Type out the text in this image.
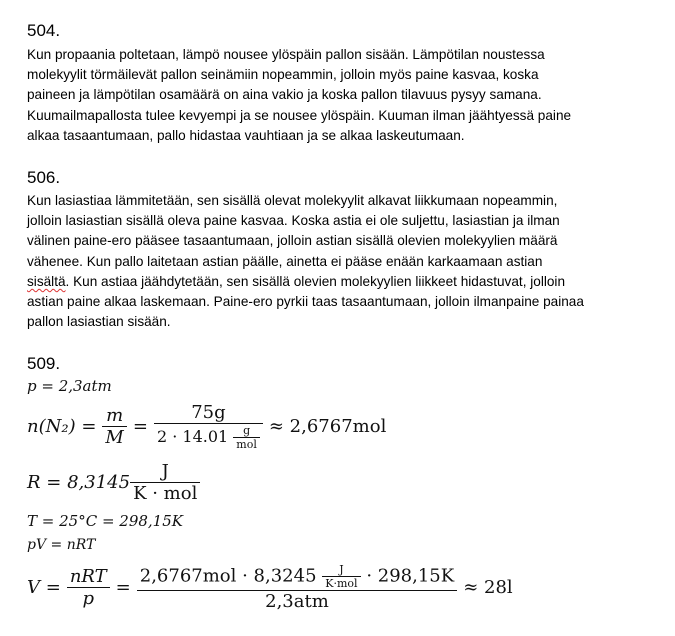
504.
Kun propaania poltetaan, lämpö nousee ylöspäin pallon sisään. Lämpötilan noustessa
molekyylit törmäilevät pallon seinämiin nopeammin, jolloin myös paine kasvaa, koska
paineen ja lämpötilan osamäärä on aina vakio ja koska pallon tilavuus pysyy samana.
Kuumailmapallosta tulee kevyempi ja se nousee ylöspäin. Kuuman ilman jäähtyessä paine
alkaa tasaantumaan, pallo hidastaa vauhtiaan ja se alkaa laskeutumaan.
506.
Kun lasiastiaa lämmitetään, sen sisällä olevat molekyylit alkavat liikkumaan nopeammin,
jolloin lasiastian sisällä oleva paine kasvaa. Koska astia ei ole suljettu, lasiastian ja ilman
välinen paine-ero pääsee tasaantumaan, jolloin astian sisällä olevien molekyylien määrä
vähenee. Kun pallo laitetaan astian päälle, ainetta ei pääse enään karkaamaan astian
sisältä. Kun astiaa jäähdytetään, sen sisällä olevien molekyylien liikkeet hidastuvat, jolloin
astian paine alkaa laskemaan. Paine-ero pyrkii taas tasaantumaan, jolloin ilmanpaine painaa
pallon lasiastian sisään.
509.
p = 2,3atm
$n(N_2) = \frac{m}{M} = \frac{75g}{2 \cdot 14.01 \frac{g}{\text{mol}}} \approx 2,6767mol$
$R = 8,3145 \frac{J}{\text{K · mol}}$
T = 25°C = 298,15K
pV = nRT
$V = \frac{\text{nRT}}{p}$ =
$2,6767mol \cdot 8,3245 \frac{J}{\text{K·mol}} \cdot 298,15K$
2,3atm
≈ 28l
